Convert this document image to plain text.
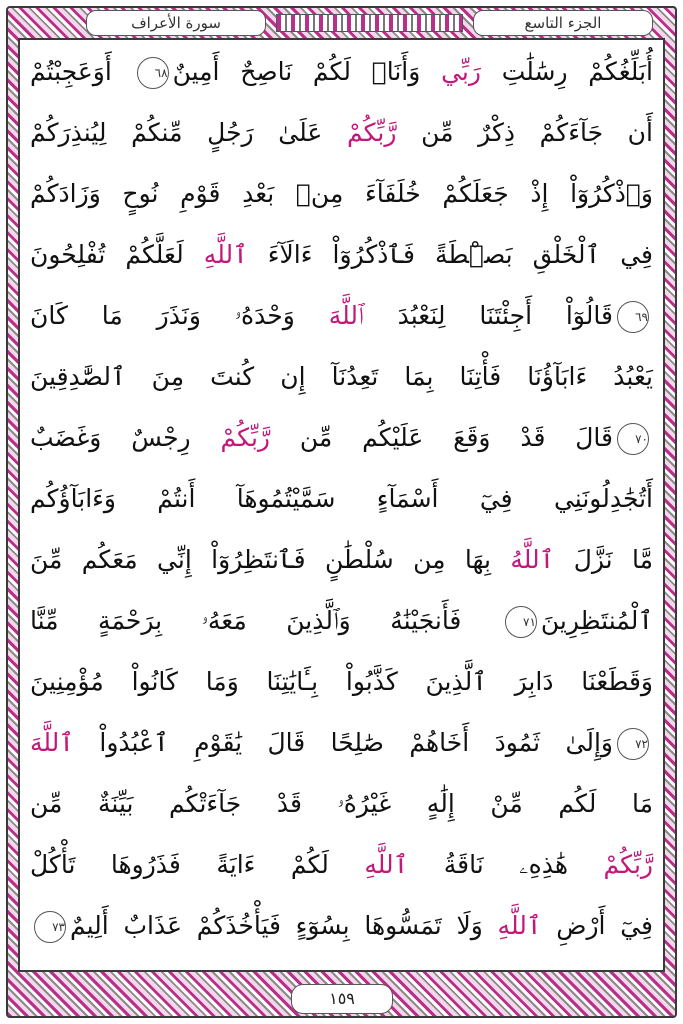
الجزء التاسع
سورة الأعراف
أُبَلِّغُكُمْ رِسَٰلَٰتِ رَبِّي وَأَنَا۠ لَكُمْ نَاصِحٌ أَمِينٌ٦٨ أَوَعَجِبْتُمْ
أَن جَآءَكُمْ ذِكْرٌ مِّن رَّبِّكُمْ عَلَىٰ رَجُلٍ مِّنكُمْ لِيُنذِرَكُمْ
وَٱذْكُرُوٓاْ إِذْ جَعَلَكُمْ خُلَفَآءَ مِنۢ بَعْدِ قَوْمِ نُوحٍ وَزَادَكُمْ
فِي ٱلْخَلْقِ بَصْۜطَةً فَٱذْكُرُوٓاْ ءَالَآءَ ٱللَّهِ لَعَلَّكُمْ تُفْلِحُونَ
٦٩قَالُوٓاْ أَجِئْتَنَا لِنَعْبُدَ ٱللَّهَ وَحْدَهُۥ وَنَذَرَ مَا كَانَ
يَعْبُدُ ءَابَآؤُنَا فَأْتِنَا بِمَا تَعِدُنَآ إِن كُنتَ مِنَ ٱلصَّٰدِقِينَ
٧٠قَالَ قَدْ وَقَعَ عَلَيْكُم مِّن رَّبِّكُمْ رِجْسٌ وَغَضَبٌ
أَتُجَٰدِلُونَنِي فِيٓ أَسْمَآءٍ سَمَّيْتُمُوهَآ أَنتُمْ وَءَابَآؤُكُم
مَّا نَزَّلَ ٱللَّهُ بِهَا مِن سُلْطَٰنٍ فَٱنتَظِرُوٓاْ إِنِّي مَعَكُم مِّنَ
ٱلْمُنتَظِرِينَ٧١ فَأَنجَيْنَٰهُ وَٱلَّذِينَ مَعَهُۥ بِرَحْمَةٍ مِّنَّا
وَقَطَعْنَا دَابِرَ ٱلَّذِينَ كَذَّبُواْ بِـَٔايَٰتِنَا وَمَا كَانُواْ مُؤْمِنِينَ
٧٢وَإِلَىٰ ثَمُودَ أَخَاهُمْ صَٰلِحًا قَالَ يَٰقَوْمِ ٱعْبُدُواْ ٱللَّهَ
مَا لَكُم مِّنْ إِلَٰهٍ غَيْرُهُۥ قَدْ جَآءَتْكُم بَيِّنَةٌ مِّن
رَّبِّكُمْ هَٰذِهِۦ نَاقَةُ ٱللَّهِ لَكُمْ ءَايَةً فَذَرُوهَا تَأْكُلْ
فِيٓ أَرْضِ ٱللَّهِ وَلَا تَمَسُّوهَا بِسُوٓءٍ فَيَأْخُذَكُمْ عَذَابٌ أَلِيمٌ٧٣
١٥٩
